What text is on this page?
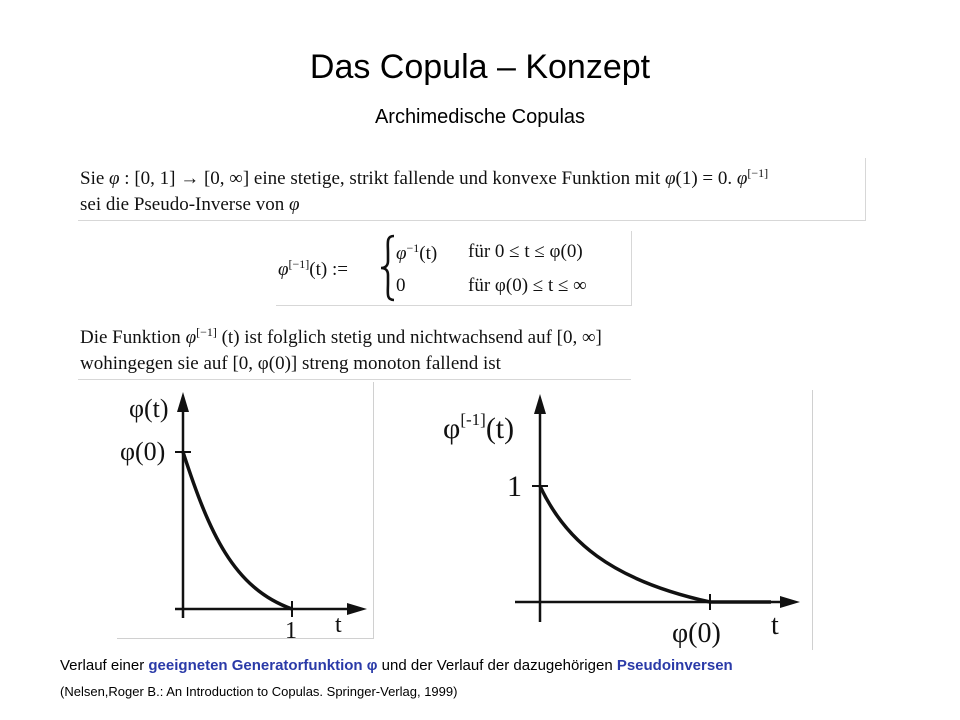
Das Copula – Konzept
Archimedische Copulas
Sie φ : [0, 1] → [0, ∞] eine stetige, strikt fallende und konvexe Funktion mit φ(1) = 0. φ[−1]
sei die Pseudo-Inverse von φ
φ[−1](t) :=
$\varphi^{-1}(t)$ für 0 ≤ t ≤ φ(0)
0	für φ(0) ≤ t ≤ ∞
Die Funktion φ[−1] (t) ist folglich stetig und nichtwachsend auf [0, ∞]
wohingegen sie auf [0, φ(0)] streng monoton fallend ist
φ(t)
φ(0)
1 t
φ[-1](t)
1
φ(0) t
Verlauf einer geeigneten Generatorfunktion φ und der Verlauf der dazugehörigen Pseudoinversen
(Nelsen,Roger B.: An Introduction to Copulas. Springer-Verlag, 1999)
